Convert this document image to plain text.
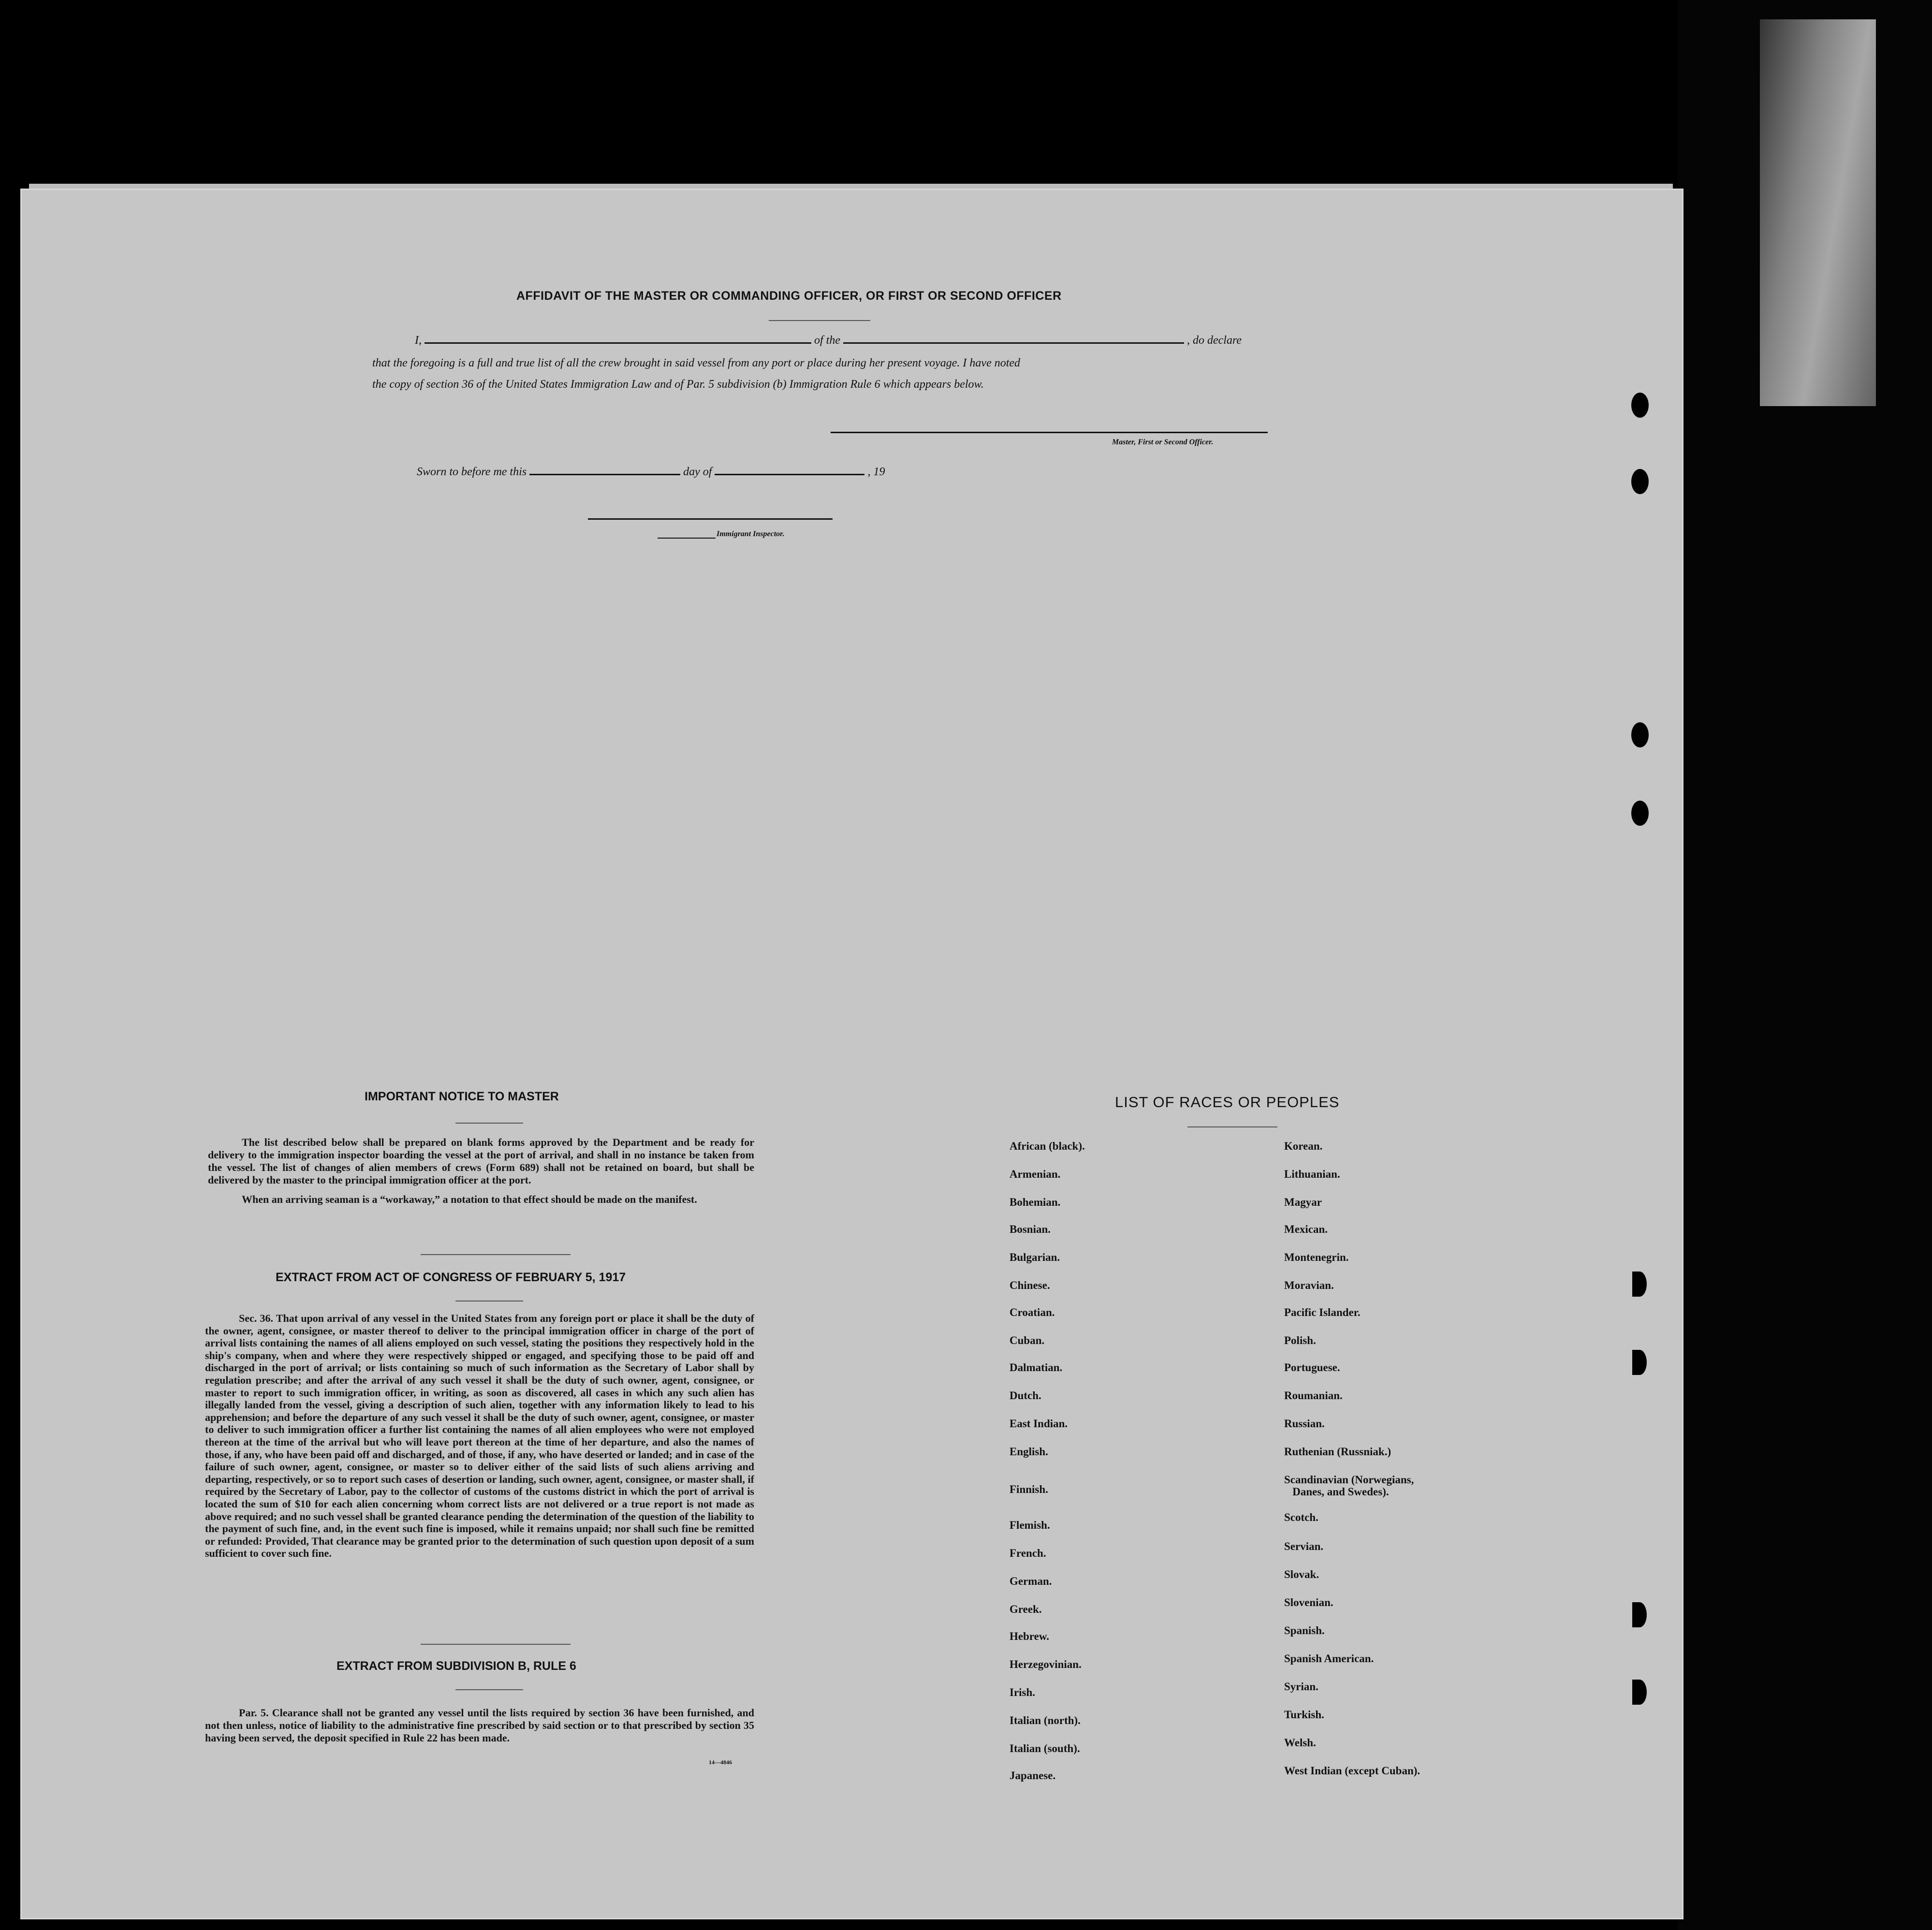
AFFIDAVIT OF THE MASTER OR COMMANDING OFFICER, OR FIRST OR SECOND OFFICER
I,	of the	, do declare
that the foregoing is a full and true list of all the crew brought in said vessel from any port or place during her present voyage. I have noted
the copy of section 36 of the United States Immigration Law and of Par. 5 subdivision (b) Immigration Rule 6 which appears below.
Master, First or Second Officer.
Sworn to before me this	day of	, 19
Immigrant Inspector.
IMPORTANT NOTICE TO MASTER

The list described below shall be prepared on blank forms approved by the Department and be ready for delivery to the immigration inspector boarding the vessel at the port of arrival, and shall in no instance be taken from the vessel. The list of changes of alien members of crews (Form 689) shall not be retained on board, but shall be delivered by the master to the principal immigration officer at the port.

When an arriving seaman is a “workaway,” a notation to that effect should be made on the manifest.

EXTRACT FROM ACT OF CONGRESS OF FEBRUARY 5, 1917

Sec. 36. That upon arrival of any vessel in the United States from any foreign port or place it shall be the duty of the owner, agent, consignee, or master thereof to deliver to the principal immigration officer in charge of the port of arrival lists containing the names of all aliens employed on such vessel, stating the positions they respectively hold in the ship's company, when and where they were respectively shipped or engaged, and specifying those to be paid off and discharged in the port of arrival; or lists containing so much of such information as the Secretary of Labor shall by regulation prescribe; and after the arrival of any such vessel it shall be the duty of such owner, agent, consignee, or master to report to such immigration officer, in writing, as soon as discovered, all cases in which any such alien has illegally landed from the vessel, giving a description of such alien, together with any information likely to lead to his apprehension; and before the departure of any such vessel it shall be the duty of such owner, agent, consignee, or master to deliver to such immigration officer a further list containing the names of all alien employees who were not employed thereon at the time of the arrival but who will leave port thereon at the time of her departure, and also the names of those, if any, who have been paid off and discharged, and of those, if any, who have deserted or landed; and in case of the failure of such owner, agent, consignee, or master so to deliver either of the said lists of such aliens arriving and departing, respectively, or so to report such cases of desertion or landing, such owner, agent, consignee, or master shall, if required by the Secretary of Labor, pay to the collector of customs of the customs district in which the port of arrival is located the sum of $10 for each alien concerning whom correct lists are not delivered or a true report is not made as above required; and no such vessel shall be granted clearance pending the determination of the question of the liability to the payment of such fine, and, in the event such fine is imposed, while it remains unpaid; nor shall such fine be remitted or refunded: Provided, That clearance may be granted prior to the determination of such question upon deposit of a sum sufficient to cover such fine.

EXTRACT FROM SUBDIVISION B, RULE 6

Par. 5. Clearance shall not be granted any vessel until the lists required by section 36 have been furnished, and not then unless, notice of liability to the administrative fine prescribed by said section or to that prescribed by section 35 having been served, the deposit specified in Rule 22 has been made.

14—4846
LIST OF RACES OR PEOPLES
African (black).
Armenian.
Bohemian.
Bosnian.
Bulgarian.
Chinese.
Croatian.
Cuban.
Dalmatian.
Dutch.
East Indian.
English.
Finnish.
Flemish.
French.
German.
Greek.
Hebrew.
Herzegovinian.
Irish.
Italian (north).
Italian (south).
Japanese.
Korean.
Lithuanian.
Magyar
Mexican.
Montenegrin.
Moravian.
Pacific Islander.
Polish.
Portuguese.
Roumanian.
Russian.
Ruthenian (Russniak.)
Scandinavian (Norwegians,
Danes, and Swedes).
Scotch.
Servian.
Slovak.
Slovenian.
Spanish.
Spanish American.
Syrian.
Turkish.
Welsh.
West Indian (except Cuban).
